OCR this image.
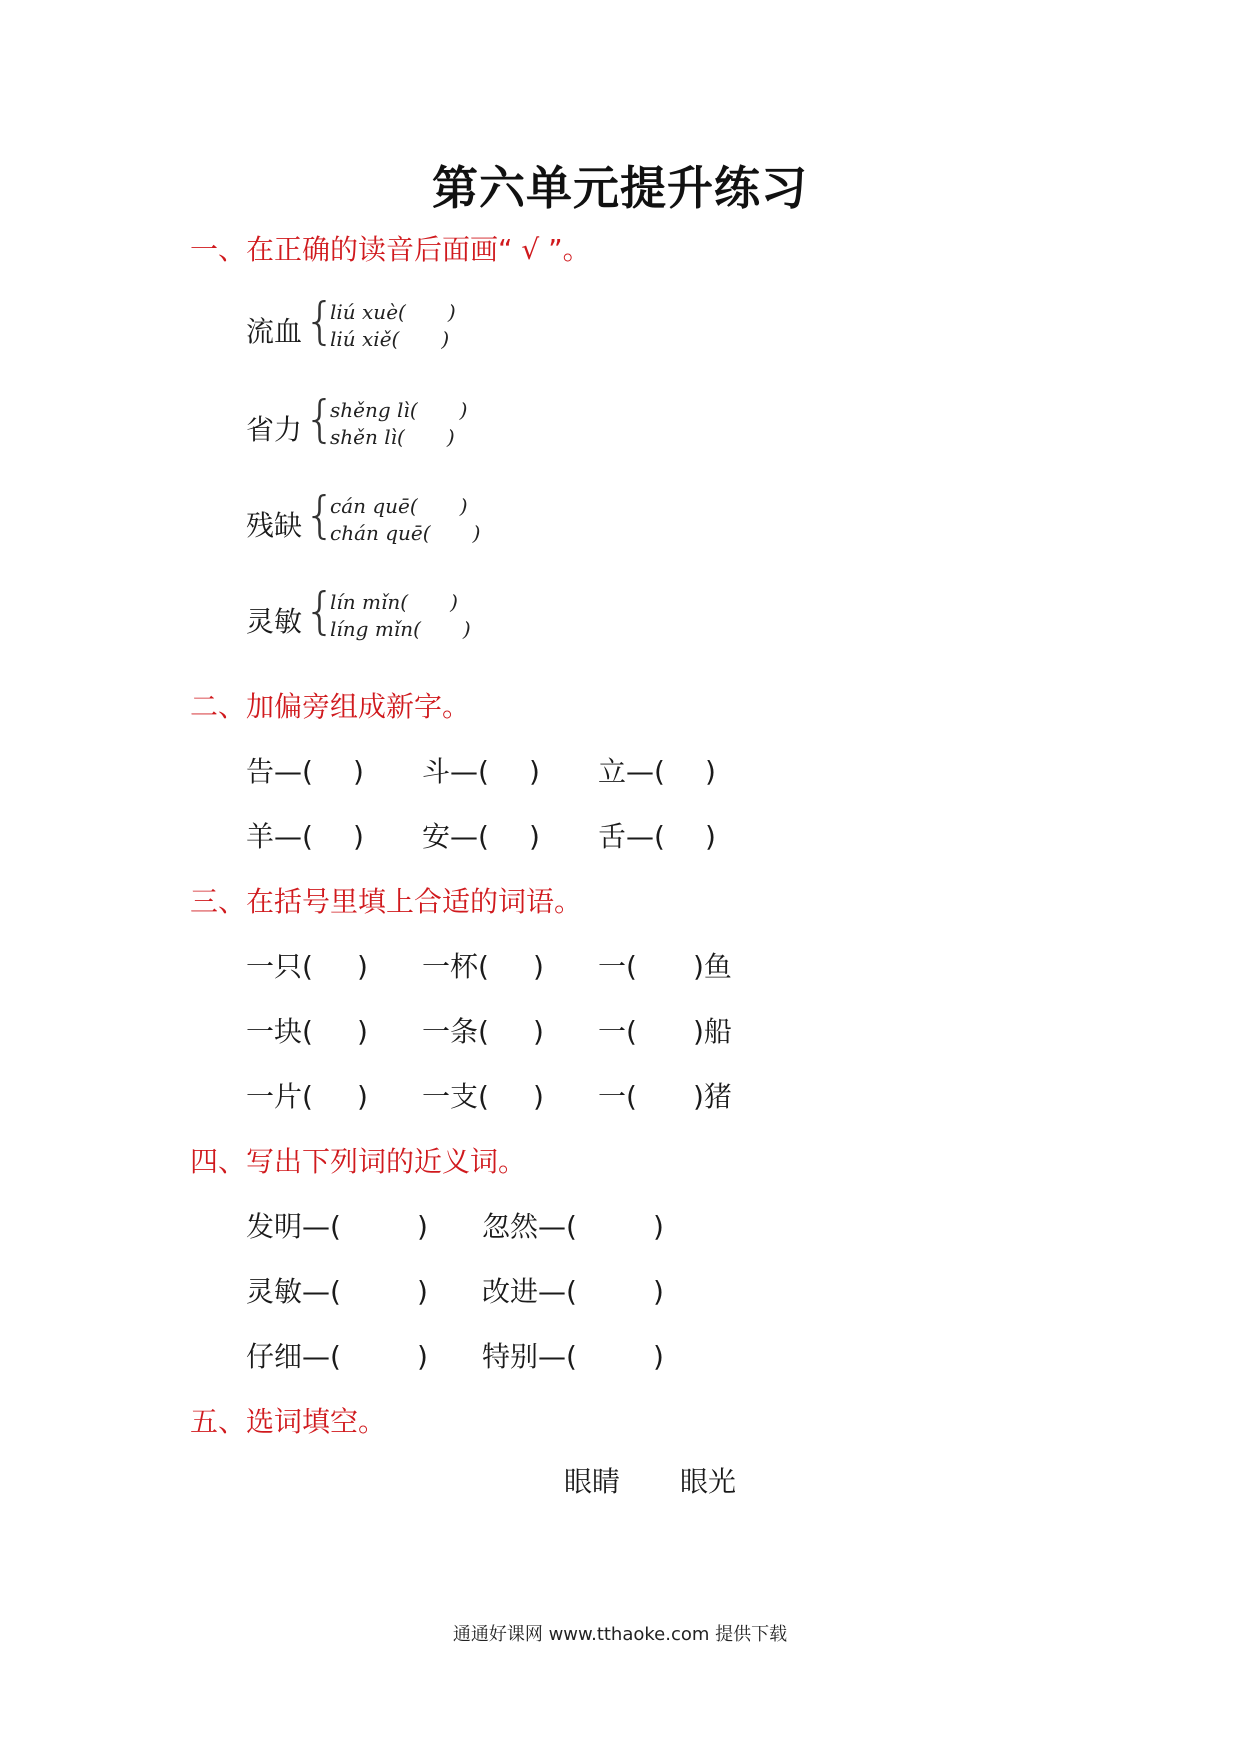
第六单元提升练习
一、在正确的读音后面画“ √ ”。
流血 {
liú xuè( )
liú xiě( )
省力 {
shěng lì( )
shěn lì( )
残缺 {
cán quē( )
chán quē( )
灵敏 {
lín mǐn( )
líng mǐn( )
二、加偏旁组成新字。
告—( ) 斗—( ) 立—( )
羊—( ) 安—( ) 舌—( )
三、在括号里填上合适的词语。
一只( ) 一杯( ) 一( )鱼
一块( ) 一条( ) 一( )船
一片( ) 一支( ) 一( )猪
四、写出下列词的近义词。
发明—(	) 忽然—(	)
灵敏—(	) 改进—(	)
仔细—(	) 特别—(	)
五、选词填空。
眼睛 眼光
通通好课网 www.tthaoke.com 提供下载
